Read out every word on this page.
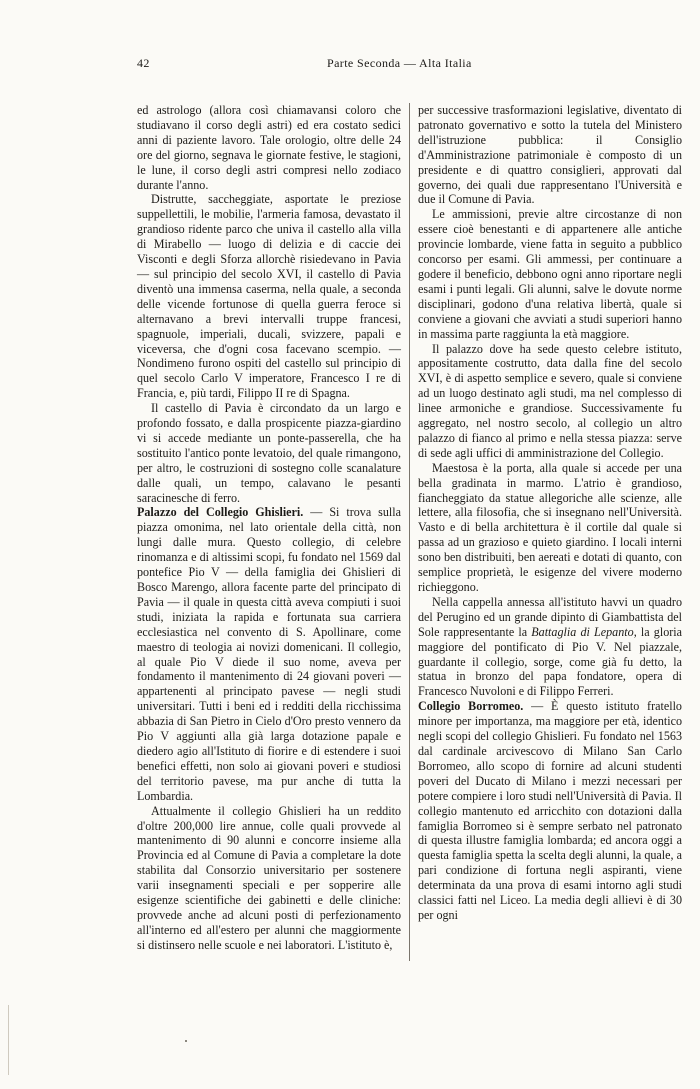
42	Parte Seconda — Alta Italia

ed astrologo (allora così chiamavansi coloro che studiavano il corso degli astri) ed era costato sedici anni di paziente lavoro. Tale orologio, oltre delle 24 ore del giorno, segnava le giornate festive, le stagioni, le lune, il corso degli astri compresi nello zodiaco durante l'anno.

Distrutte, saccheggiate, asportate le preziose suppellettili, le mobilie, l'armeria famosa, devastato il grandioso ridente parco che univa il castello alla villa di Mirabello — luogo di delizia e di caccie dei Visconti e degli Sforza allorchè risiedevano in Pavia — sul principio del secolo XVI, il castello di Pavia diventò una immensa caserma, nella quale, a seconda delle vicende fortunose di quella guerra feroce si alternavano a brevi intervalli truppe francesi, spagnuole, imperiali, ducali, svizzere, papali e viceversa, che d'ogni cosa facevano scempio. — Nondimeno furono ospiti del castello sul principio di quel secolo Carlo V imperatore, Francesco I re di Francia, e, più tardi, Filippo II re di Spagna.

Il castello di Pavia è circondato da un largo e profondo fossato, e dalla prospicente piazza-giardino vi si accede mediante un ponte-passerella, che ha sostituito l'antico ponte levatoio, del quale rimangono, per altro, le costruzioni di sostegno colle scanalature dalle quali, un tempo, calavano le pesanti saracinesche di ferro.

Palazzo del Collegio Ghislieri. — Si trova sulla piazza omonima, nel lato orientale della città, non lungi dalle mura. Questo collegio, di celebre rinomanza e di altissimi scopi, fu fondato nel 1569 dal pontefice Pio V — della famiglia dei Ghislieri di Bosco Marengo, allora facente parte del principato di Pavia — il quale in questa città aveva compiuti i suoi studi, iniziata la rapida e fortunata sua carriera ecclesiastica nel convento di S. Apollinare, come maestro di teologia ai novizi domenicani. Il collegio, al quale Pio V diede il suo nome, aveva per fondamento il mantenimento di 24 giovani poveri — appartenenti al principato pavese — negli studi universitari. Tutti i beni ed i redditi della ricchissima abbazia di San Pietro in Cielo d'Oro presto vennero da Pio V aggiunti alla già larga dotazione papale e diedero agio all'Istituto di fiorire e di estendere i suoi benefici effetti, non solo ai giovani poveri e studiosi del territorio pavese, ma pur anche di tutta la Lombardia.

Attualmente il collegio Ghislieri ha un reddito d'oltre 200,000 lire annue, colle quali provvede al mantenimento di 90 alunni e concorre insieme alla Provincia ed al Comune di Pavia a completare la dote stabilita dal Consorzio universitario per sostenere varii insegnamenti speciali e per sopperire alle esigenze scientifiche dei gabinetti e delle cliniche: provvede anche ad alcuni posti di perfezionamento all'interno ed all'estero per alunni che maggiormente si distinsero nelle scuole e nei laboratori. L'istituto è,

per successive trasformazioni legislative, diventato di patronato governativo e sotto la tutela del Ministero dell'istruzione pubblica: il Consiglio d'Amministrazione patrimoniale è composto di un presidente e di quattro consiglieri, approvati dal governo, dei quali due rappresentano l'Università e due il Comune di Pavia.

Le ammissioni, previe altre circostanze di non essere cioè benestanti e di appartenere alle antiche provincie lombarde, viene fatta in seguito a pubblico concorso per esami. Gli ammessi, per continuare a godere il beneficio, debbono ogni anno riportare negli esami i punti legali. Gli alunni, salve le dovute norme disciplinari, godono d'una relativa libertà, quale si conviene a giovani che avviati a studi superiori hanno in massima parte raggiunta la età maggiore.

Il palazzo dove ha sede questo celebre istituto, appositamente costrutto, data dalla fine del secolo XVI, è di aspetto semplice e severo, quale si conviene ad un luogo destinato agli studi, ma nel complesso di linee armoniche e grandiose. Successivamente fu aggregato, nel nostro secolo, al collegio un altro palazzo di fianco al primo e nella stessa piazza: serve di sede agli uffici di amministrazione del Collegio.

Maestosa è la porta, alla quale si accede per una bella gradinata in marmo. L'atrio è grandioso, fiancheggiato da statue allegoriche alle scienze, alle lettere, alla filosofia, che si insegnano nell'Università. Vasto e di bella architettura è il cortile dal quale si passa ad un grazioso e quieto giardino. I locali interni sono ben distribuiti, ben aereati e dotati di quanto, con semplice proprietà, le esigenze del vivere moderno richieggono.

Nella cappella annessa all'istituto havvi un quadro del Perugino ed un grande dipinto di Giambattista del Sole rappresentante la Battaglia di Lepanto, la gloria maggiore del pontificato di Pio V. Nel piazzale, guardante il collegio, sorge, come già fu detto, la statua in bronzo del papa fondatore, opera di Francesco Nuvoloni e di Filippo Ferreri.

Collegio Borromeo. — È questo istituto fratello minore per importanza, ma maggiore per età, identico negli scopi del collegio Ghislieri. Fu fondato nel 1563 dal cardinale arcivescovo di Milano San Carlo Borromeo, allo scopo di fornire ad alcuni studenti poveri del Ducato di Milano i mezzi necessari per potere compiere i loro studi nell'Università di Pavia. Il collegio mantenuto ed arricchito con dotazioni dalla famiglia Borromeo si è sempre serbato nel patronato di questa illustre famiglia lombarda; ed ancora oggi a questa famiglia spetta la scelta degli alunni, la quale, a pari condizione di fortuna negli aspiranti, viene determinata da una prova di esami intorno agli studi classici fatti nel Liceo. La media degli allievi è di 30 per ogni
